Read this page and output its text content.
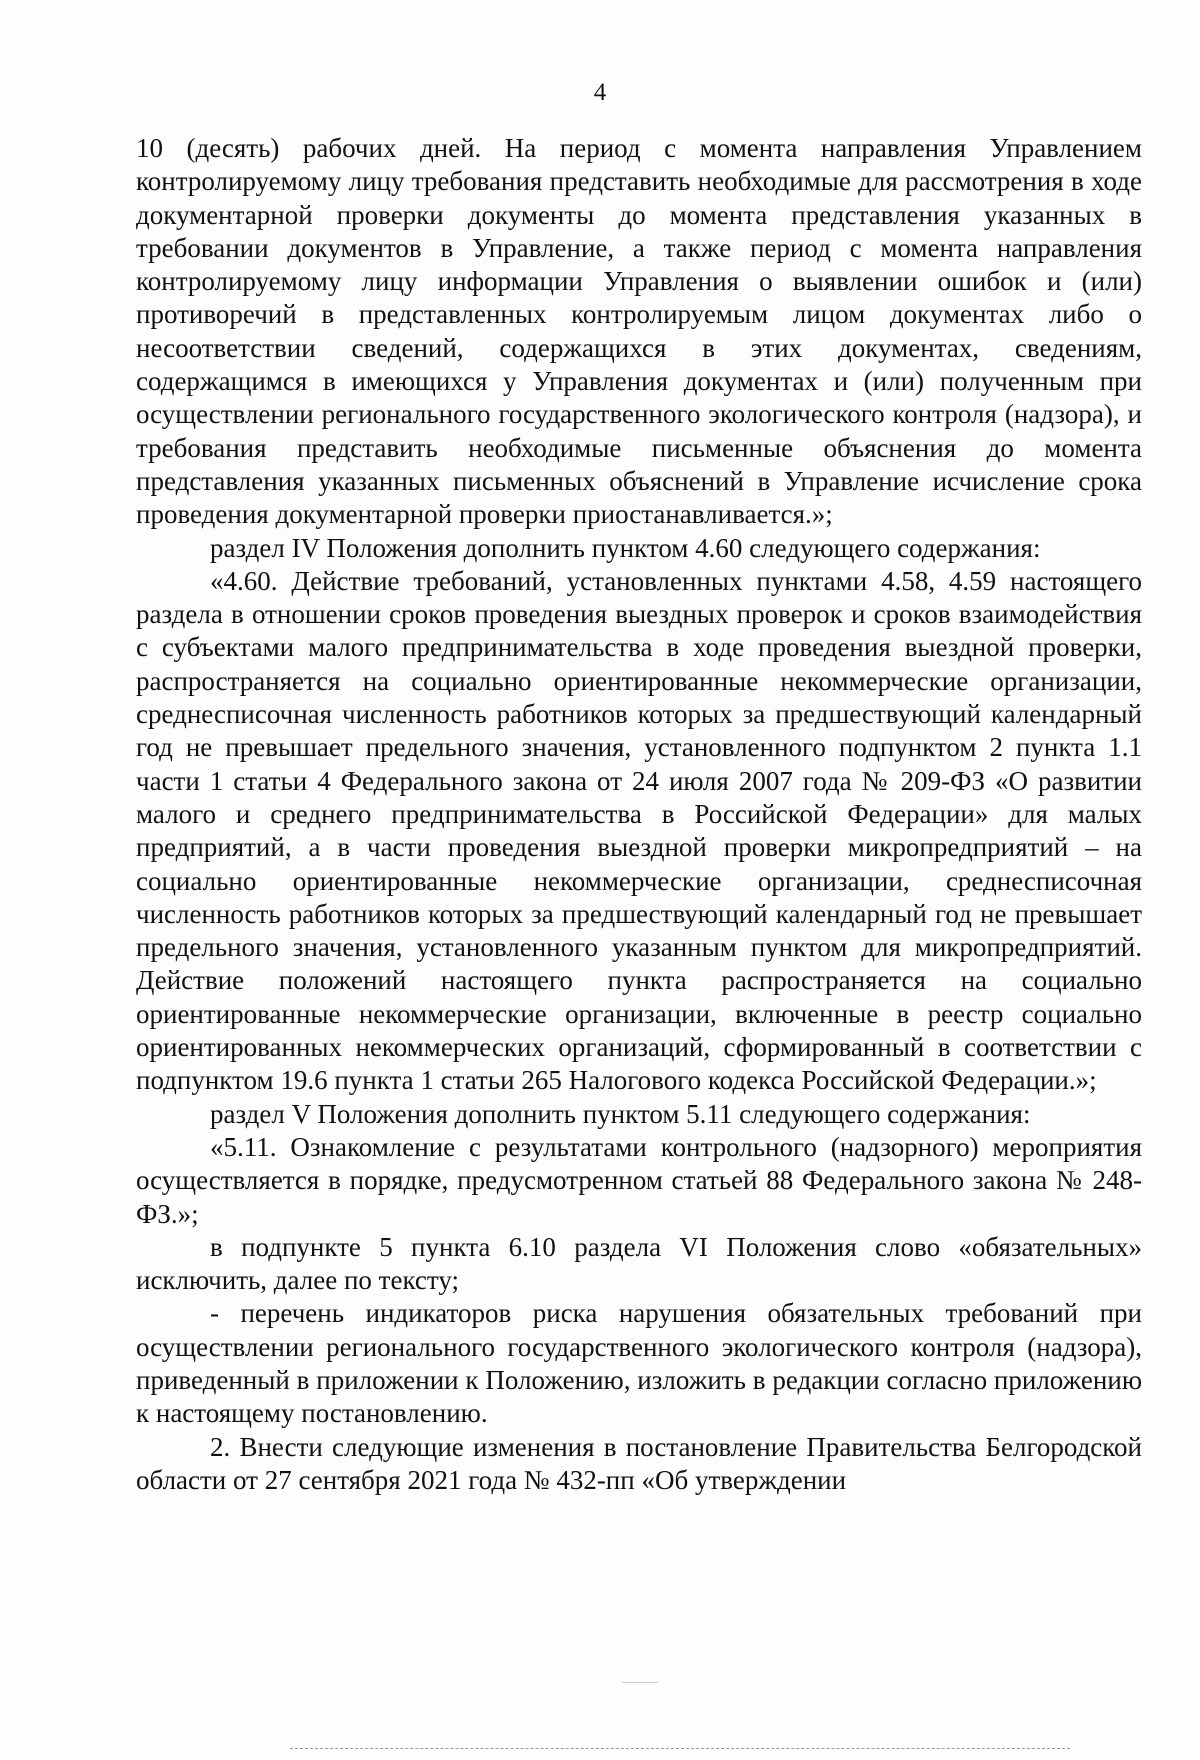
4

10 (десять) рабочих дней. На период с момента направления Управлением контролируемому лицу требования представить необходимые для рассмотрения в ходе документарной проверки документы до момента представления указанных в требовании документов в Управление, а также период с момента направления контролируемому лицу информации Управления о выявлении ошибок и (или) противоречий в представленных контролируемым лицом документах либо о несоответствии сведений, содержащихся в этих документах, сведениям, содержащимся в имеющихся у Управления документах и (или) полученным при осуществлении регионального государственного экологического контроля (надзора), и требования представить необходимые письменные объяснения до момента представления указанных письменных объяснений в Управление исчисление срока проведения документарной проверки приостанавливается.»;

раздел IV Положения дополнить пунктом 4.60 следующего содержания:

«4.60. Действие требований, установленных пунктами 4.58, 4.59 настоящего раздела в отношении сроков проведения выездных проверок и сроков взаимодействия с субъектами малого предпринимательства в ходе проведения выездной проверки, распространяется на социально ориентированные некоммерческие организации, среднесписочная численность работников которых за предшествующий календарный год не превышает предельного значения, установленного подпунктом 2 пункта 1.1 части 1 статьи 4 Федерального закона от 24 июля 2007 года № 209-ФЗ «О развитии малого и среднего предпринимательства в Российской Федерации» для малых предприятий, а в части проведения выездной проверки микропредприятий – на социально ориентированные некоммерческие организации, среднесписочная численность работников которых за предшествующий календарный год не превышает предельного значения, установленного указанным пунктом для микропредприятий. Действие положений настоящего пункта распространяется на социально ориентированные некоммерческие организации, включенные в реестр социально ориентированных некоммерческих организаций, сформированный в соответствии с подпунктом 19.6 пункта 1 статьи 265 Налогового кодекса Российской Федерации.»;

раздел V Положения дополнить пунктом 5.11 следующего содержания:

«5.11. Ознакомление с результатами контрольного (надзорного) мероприятия осуществляется в порядке, предусмотренном статьей 88 Федерального закона № 248-ФЗ.»;

в подпункте 5 пункта 6.10 раздела VI Положения слово «обязательных» исключить, далее по тексту;

- перечень индикаторов риска нарушения обязательных требований при осуществлении регионального государственного экологического контроля (надзора), приведенный в приложении к Положению, изложить в редакции согласно приложению к настоящему постановлению.

2. Внести следующие изменения в постановление Правительства Белгородской области от 27 сентября 2021 года № 432-пп «Об утверждении
